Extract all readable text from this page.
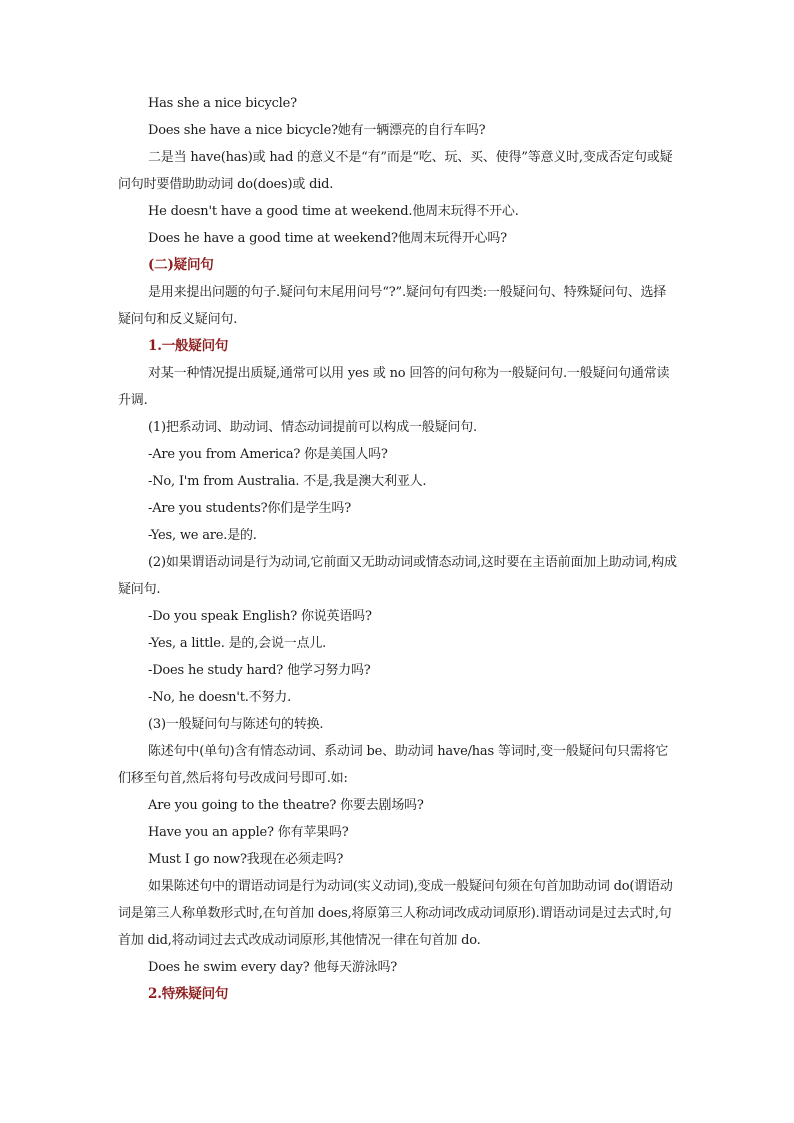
Has she a nice bicycle?
Does she have a nice bicycle?她有一辆漂亮的自行车吗?
二是当 have(has)或 had 的意义不是“有”而是“吃、玩、买、使得”等意义时,变成否定句或疑问句时要借助助动词 do(does)或 did.
He doesn't have a good time at weekend.他周末玩得不开心.
Does he have a good time at weekend?他周末玩得开心吗?
(二)疑问句
是用来提出问题的句子.疑问句末尾用问号“?”.疑问句有四类:一般疑问句、特殊疑问句、选择疑问句和反义疑问句.
1.一般疑问句
对某一种情况提出质疑,通常可以用 yes 或 no 回答的问句称为一般疑问句.一般疑问句通常读升调.
(1)把系动词、助动词、情态动词提前可以构成一般疑问句.
-Are you from America? 你是美国人吗?
-No, I'm from Australia. 不是,我是澳大利亚人.
-Are you students?你们是学生吗?
-Yes, we are.是的.
(2)如果谓语动词是行为动词,它前面又无助动词或情态动词,这时要在主语前面加上助动词,构成疑问句.
-Do you speak English? 你说英语吗?
-Yes, a little. 是的,会说一点儿.
-Does he study hard? 他学习努力吗?
-No, he doesn't.不努力.
(3)一般疑问句与陈述句的转换.
陈述句中(单句)含有情态动词、系动词 be、助动词 have/has 等词时,变一般疑问句只需将它们移至句首,然后将句号改成问号即可.如:
Are you going to the theatre? 你要去剧场吗?
Have you an apple? 你有苹果吗?
Must I go now?我现在必须走吗?
如果陈述句中的谓语动词是行为动词(实义动词),变成一般疑问句须在句首加助动词 do(谓语动词是第三人称单数形式时,在句首加 does,将原第三人称动词改成动词原形).谓语动词是过去式时,句首加 did,将动词过去式改成动词原形,其他情况一律在句首加 do.
Does he swim every day? 他每天游泳吗?
2.特殊疑问句
